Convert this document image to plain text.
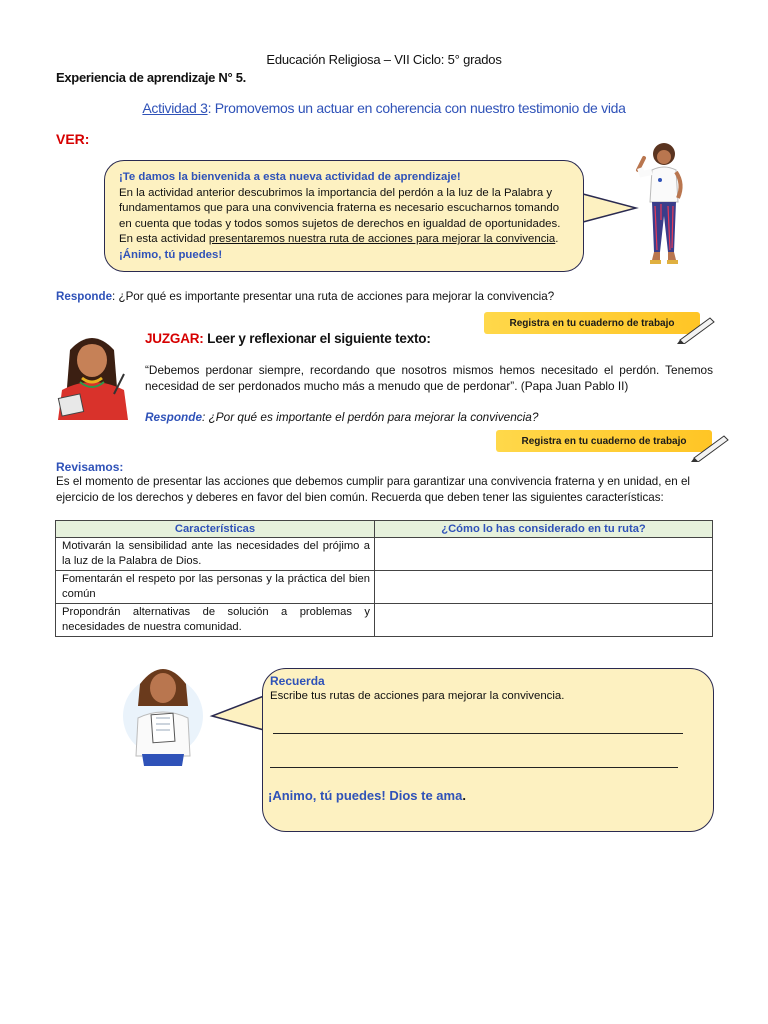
Educación Religiosa – VII Ciclo: 5° grados
Experiencia de aprendizaje N° 5.
Actividad 3: Promovemos un actuar en coherencia con nuestro testimonio de vida
VER:
¡Te damos la bienvenida a esta nueva actividad de aprendizaje!
En la actividad anterior descubrimos la importancia del perdón a la luz de la Palabra y
fundamentamos que para una convivencia fraterna es necesario escucharnos tomando
en cuenta que todas y todos somos sujetos de derechos en igualdad de oportunidades.
En esta actividad presentaremos nuestra ruta de acciones para mejorar la convivencia.
¡Ánimo, tú puedes!
Responde: ¿Por qué es importante presentar una ruta de acciones para mejorar la convivencia?
Registra en tu cuaderno de trabajo
JUZGAR: Leer y reflexionar el siguiente texto:
“Debemos perdonar siempre, recordando que nosotros mismos hemos necesitado el perdón. Tenemos necesidad de ser perdonados mucho más a menudo que de perdonar”. (Papa Juan Pablo II)
Responde: ¿Por qué es importante el perdón para mejorar la convivencia?
Registra en tu cuaderno de trabajo
Revisamos:
Es el momento de presentar las acciones que debemos cumplir para garantizar una convivencia fraterna y en unidad, en el ejercicio de los derechos y deberes en favor del bien común. Recuerda que deben tener las siguientes características:
Características	¿Cómo lo has considerado en tu ruta?
Motivarán la sensibilidad ante las necesidades del prójimo a la luz de la Palabra de Dios.	
Fomentarán el respeto por las personas y la práctica del bien común	
Propondrán alternativas de solución a problemas y necesidades de nuestra comunidad.	
Recuerda
Escribe tus rutas de acciones para mejorar la convivencia.
¡Animo, tú puedes! Dios te ama.
